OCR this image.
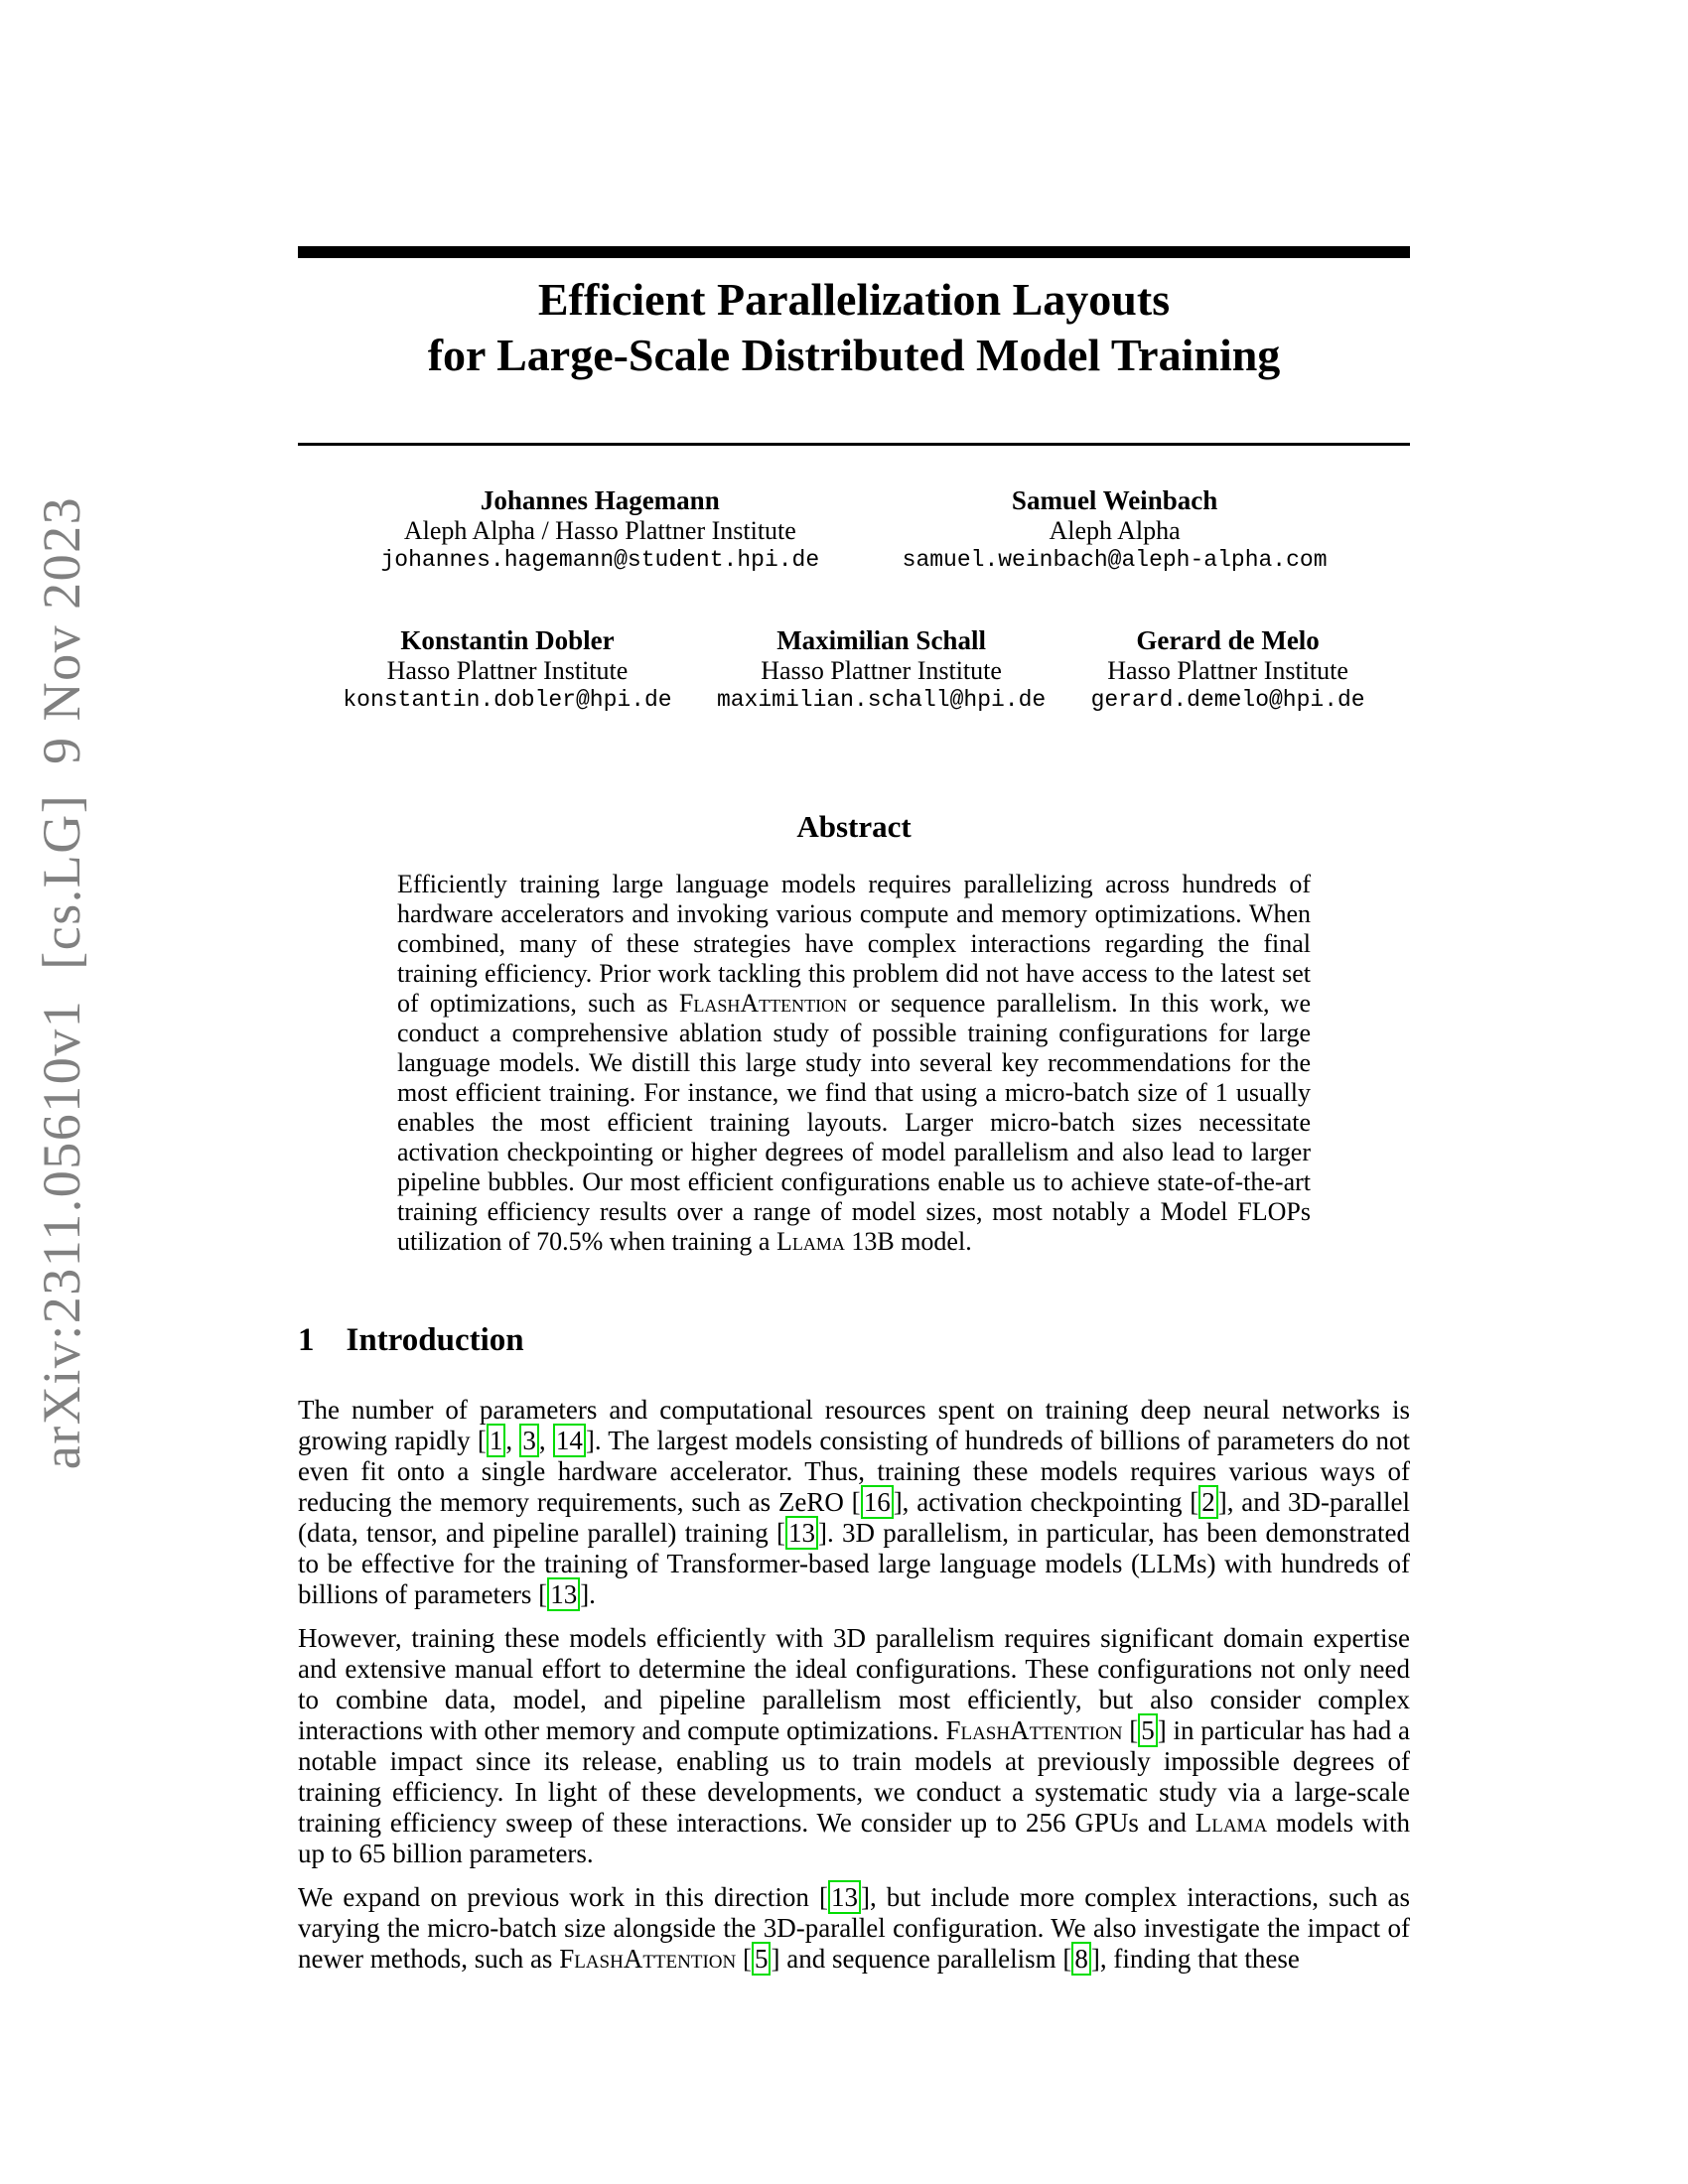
arXiv:2311.05610v1  [cs.LG]  9 Nov 2023
Efficient Parallelization Layouts
for Large-Scale Distributed Model Training
Johannes Hagemann
Aleph Alpha / Hasso Plattner Institute
johannes.hagemann@student.hpi.de
Samuel Weinbach
Aleph Alpha
samuel.weinbach@aleph-alpha.com
Konstantin Dobler
Hasso Plattner Institute
konstantin.dobler@hpi.de
Maximilian Schall
Hasso Plattner Institute
maximilian.schall@hpi.de
Gerard de Melo
Hasso Plattner Institute
gerard.demelo@hpi.de
Abstract
Efficiently training large language models requires parallelizing across hundreds of hardware accelerators and invoking various compute and memory optimizations. When combined, many of these strategies have complex interactions regarding the final training efficiency. Prior work tackling this problem did not have access to the latest set of optimizations, such as FlashAttention or sequence parallelism. In this work, we conduct a comprehensive ablation study of possible training configurations for large language models. We distill this large study into several key recommendations for the most efficient training. For instance, we find that using a micro-batch size of 1 usually enables the most efficient training layouts. Larger micro-batch sizes necessitate activation checkpointing or higher degrees of model parallelism and also lead to larger pipeline bubbles. Our most efficient configurations enable us to achieve state-of-the-art training efficiency results over a range of model sizes, most notably a Model FLOPs utilization of 70.5% when training a Llama 13B model.
1 Introduction
The number of parameters and computational resources spent on training deep neural networks is growing rapidly [ 1 , 3 , 14 ]. The largest models consisting of hundreds of billions of parameters do not even fit onto a single hardware accelerator. Thus, training these models requires various ways of reducing the memory requirements, such as ZeRO [ 16 ], activation checkpointing [ 2 ], and 3D-parallel (data, tensor, and pipeline parallel) training [ 13 ]. 3D parallelism, in particular, has been demonstrated to be effective for the training of Transformer-based large language models (LLMs) with hundreds of billions of parameters [ 13 ].
However, training these models efficiently with 3D parallelism requires significant domain expertise and extensive manual effort to determine the ideal configurations. These configurations not only need to combine data, model, and pipeline parallelism most efficiently, but also consider complex interactions with other memory and compute optimizations. FlashAttention [ 5 ] in particular has had a notable impact since its release, enabling us to train models at previously impossible degrees of training efficiency. In light of these developments, we conduct a systematic study via a large-scale training efficiency sweep of these interactions. We consider up to 256 GPUs and Llama models with up to 65 billion parameters.
We expand on previous work in this direction [ 13 ], but include more complex interactions, such as varying the micro-batch size alongside the 3D-parallel configuration. We also investigate the impact of newer methods, such as FlashAttention [ 5 ] and sequence parallelism [ 8 ], finding that these
